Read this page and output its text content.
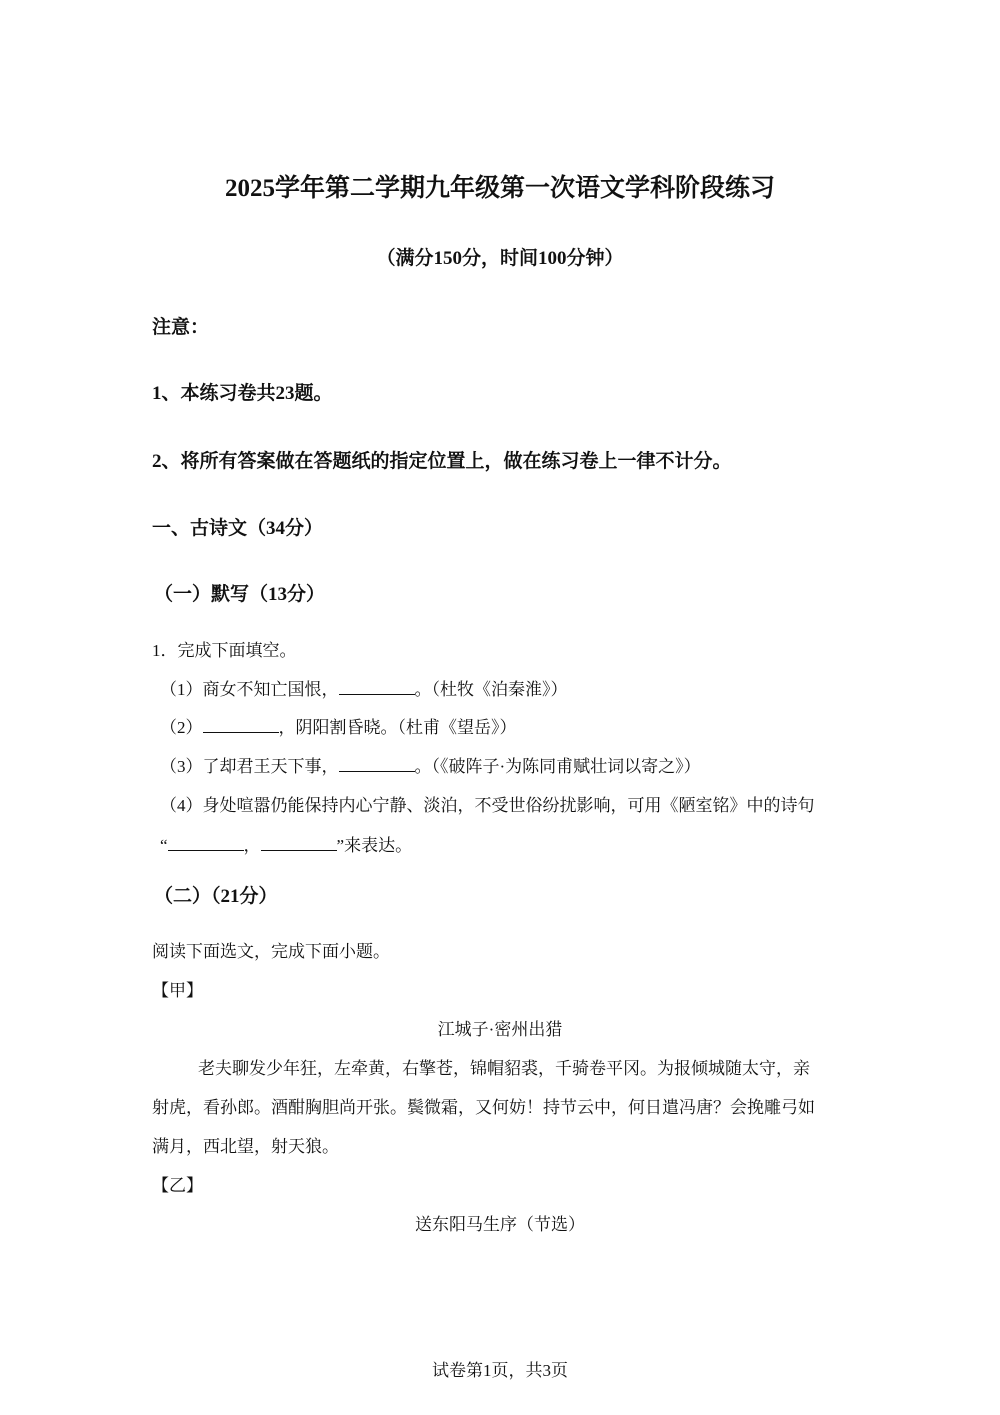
2025学年第二学期九年级第一次语文学科阶段练习
（满分150分，时间100分钟）
注意：
1、本练习卷共23题。
2、将所有答案做在答题纸的指定位置上，做在练习卷上一律不计分。
一、古诗文（34分）
（一）默写（13分）
1．完成下面填空。
（1）商女不知亡国恨，	。（杜牧《泊秦淮》）
（2）	，阴阳割昏晓。（杜甫《望岳》）
（3）了却君王天下事，	。（《破阵子·为陈同甫赋壮词以寄之》）
（4）身处喧嚣仍能保持内心宁静、淡泊，不受世俗纷扰影响，可用《陋室铭》中的诗句
“	，	”来表达。
（二）（21分）
阅读下面选文，完成下面小题。
【甲】
江城子·密州出猎
老夫聊发少年狂，左牵黄，右擎苍，锦帽貂裘，千骑卷平冈。为报倾城随太守，亲
射虎，看孙郎。酒酣胸胆尚开张。鬓微霜，又何妨！持节云中，何日遣冯唐？会挽雕弓如
满月，西北望，射天狼。
【乙】
送东阳马生序（节选）
试卷第1页，共3页
